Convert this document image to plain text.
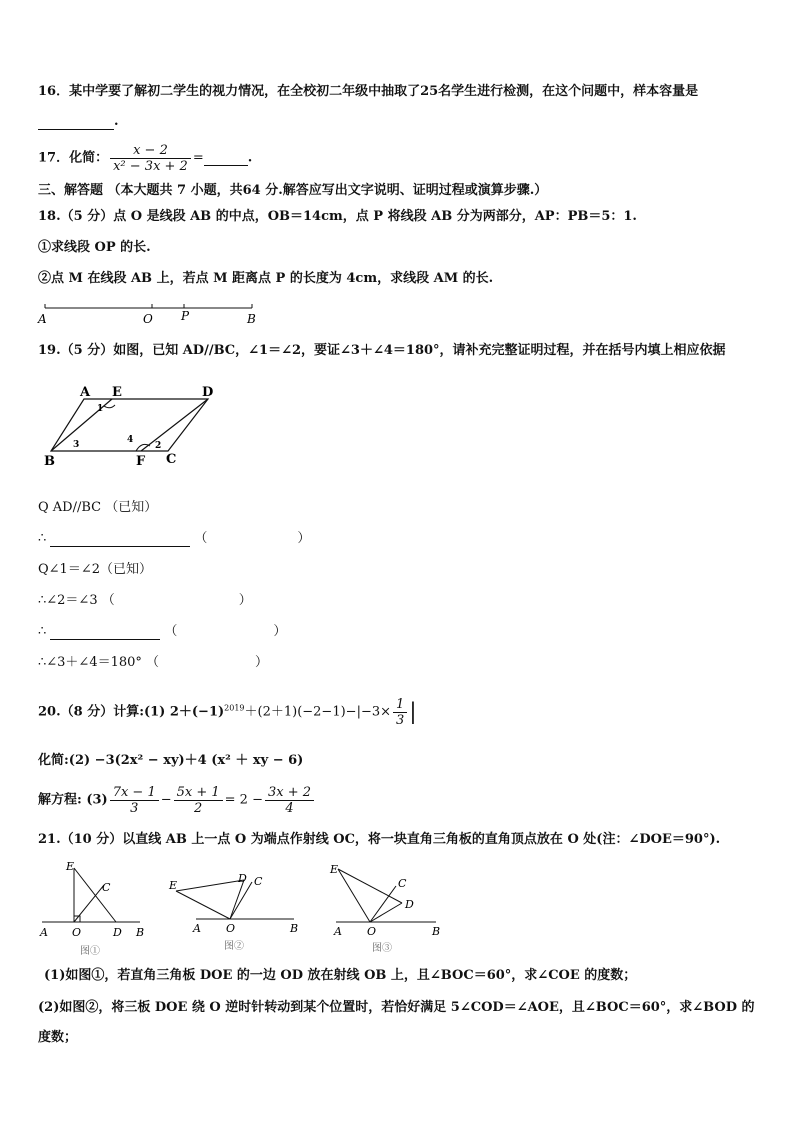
16．某中学要了解初二学生的视力情况，在全校初二年级中抽取了25名学生进行检测，在这个问题中，样本容量是
.
17．化简： $\frac{x - 2}{\text{x² − 3x + 2}}$ =	.
三、解答题 （本大题共 7 小题，共64 分.解答应写出文字说明、证明过程或演算步骤.）
18.（5 分）点 O 是线段 AB 的中点，OB＝14cm，点 P 将线段 AB 分为两部分，AP：PB＝5：1.
①求线段 OP 的长.
②点 M 在线段 AB 上，若点 M 距离点 P 的长度为 4cm，求线段 AM 的长.
A	O P	B
19.（5 分）如图，已知 AD//BC，∠1＝∠2，要证∠3＋∠4＝180°，请补充完整证明过程，并在括号内填上相应依据
A E	D
B	F C
1
2
3	4
Q AD//BC （已知）
∴	（	）
Q∠1＝∠2（已知）
∴∠2＝∠3 （	）
∴	（	）
∴∠3＋∠4＝180° （	）
20.（8 分）计算:(1) $2+(-1)^{2019}+(2+1)(-2-1)-|-3\times \frac{1}{3}$ |
化简:(2) −3(2x² − xy)＋4 (x² ＋ xy − 6)
解方程: $(3) \frac{7x - 1}{3} - \frac{5x + 1}{2} = 2 - \frac{3x + 2}{4}$
21.（10 分）以直线 AB 上一点 O 为端点作射线 OC，将一块直角三角板的直角顶点放在 O 处(注：∠DOE＝90°).
E
C
A O	D B
图①
E
D C
A O	B
图②
E
C
D
A O	B
图③
(1)如图①，若直角三角板 DOE 的一边 OD 放在射线 OB 上，且∠BOC＝60°，求∠COE 的度数；
(2)如图②，将三板 DOE 绕 O 逆时针转动到某个位置时，若恰好满足 5∠COD＝∠AOE，且∠BOC＝60°，求∠BOD 的
度数；
